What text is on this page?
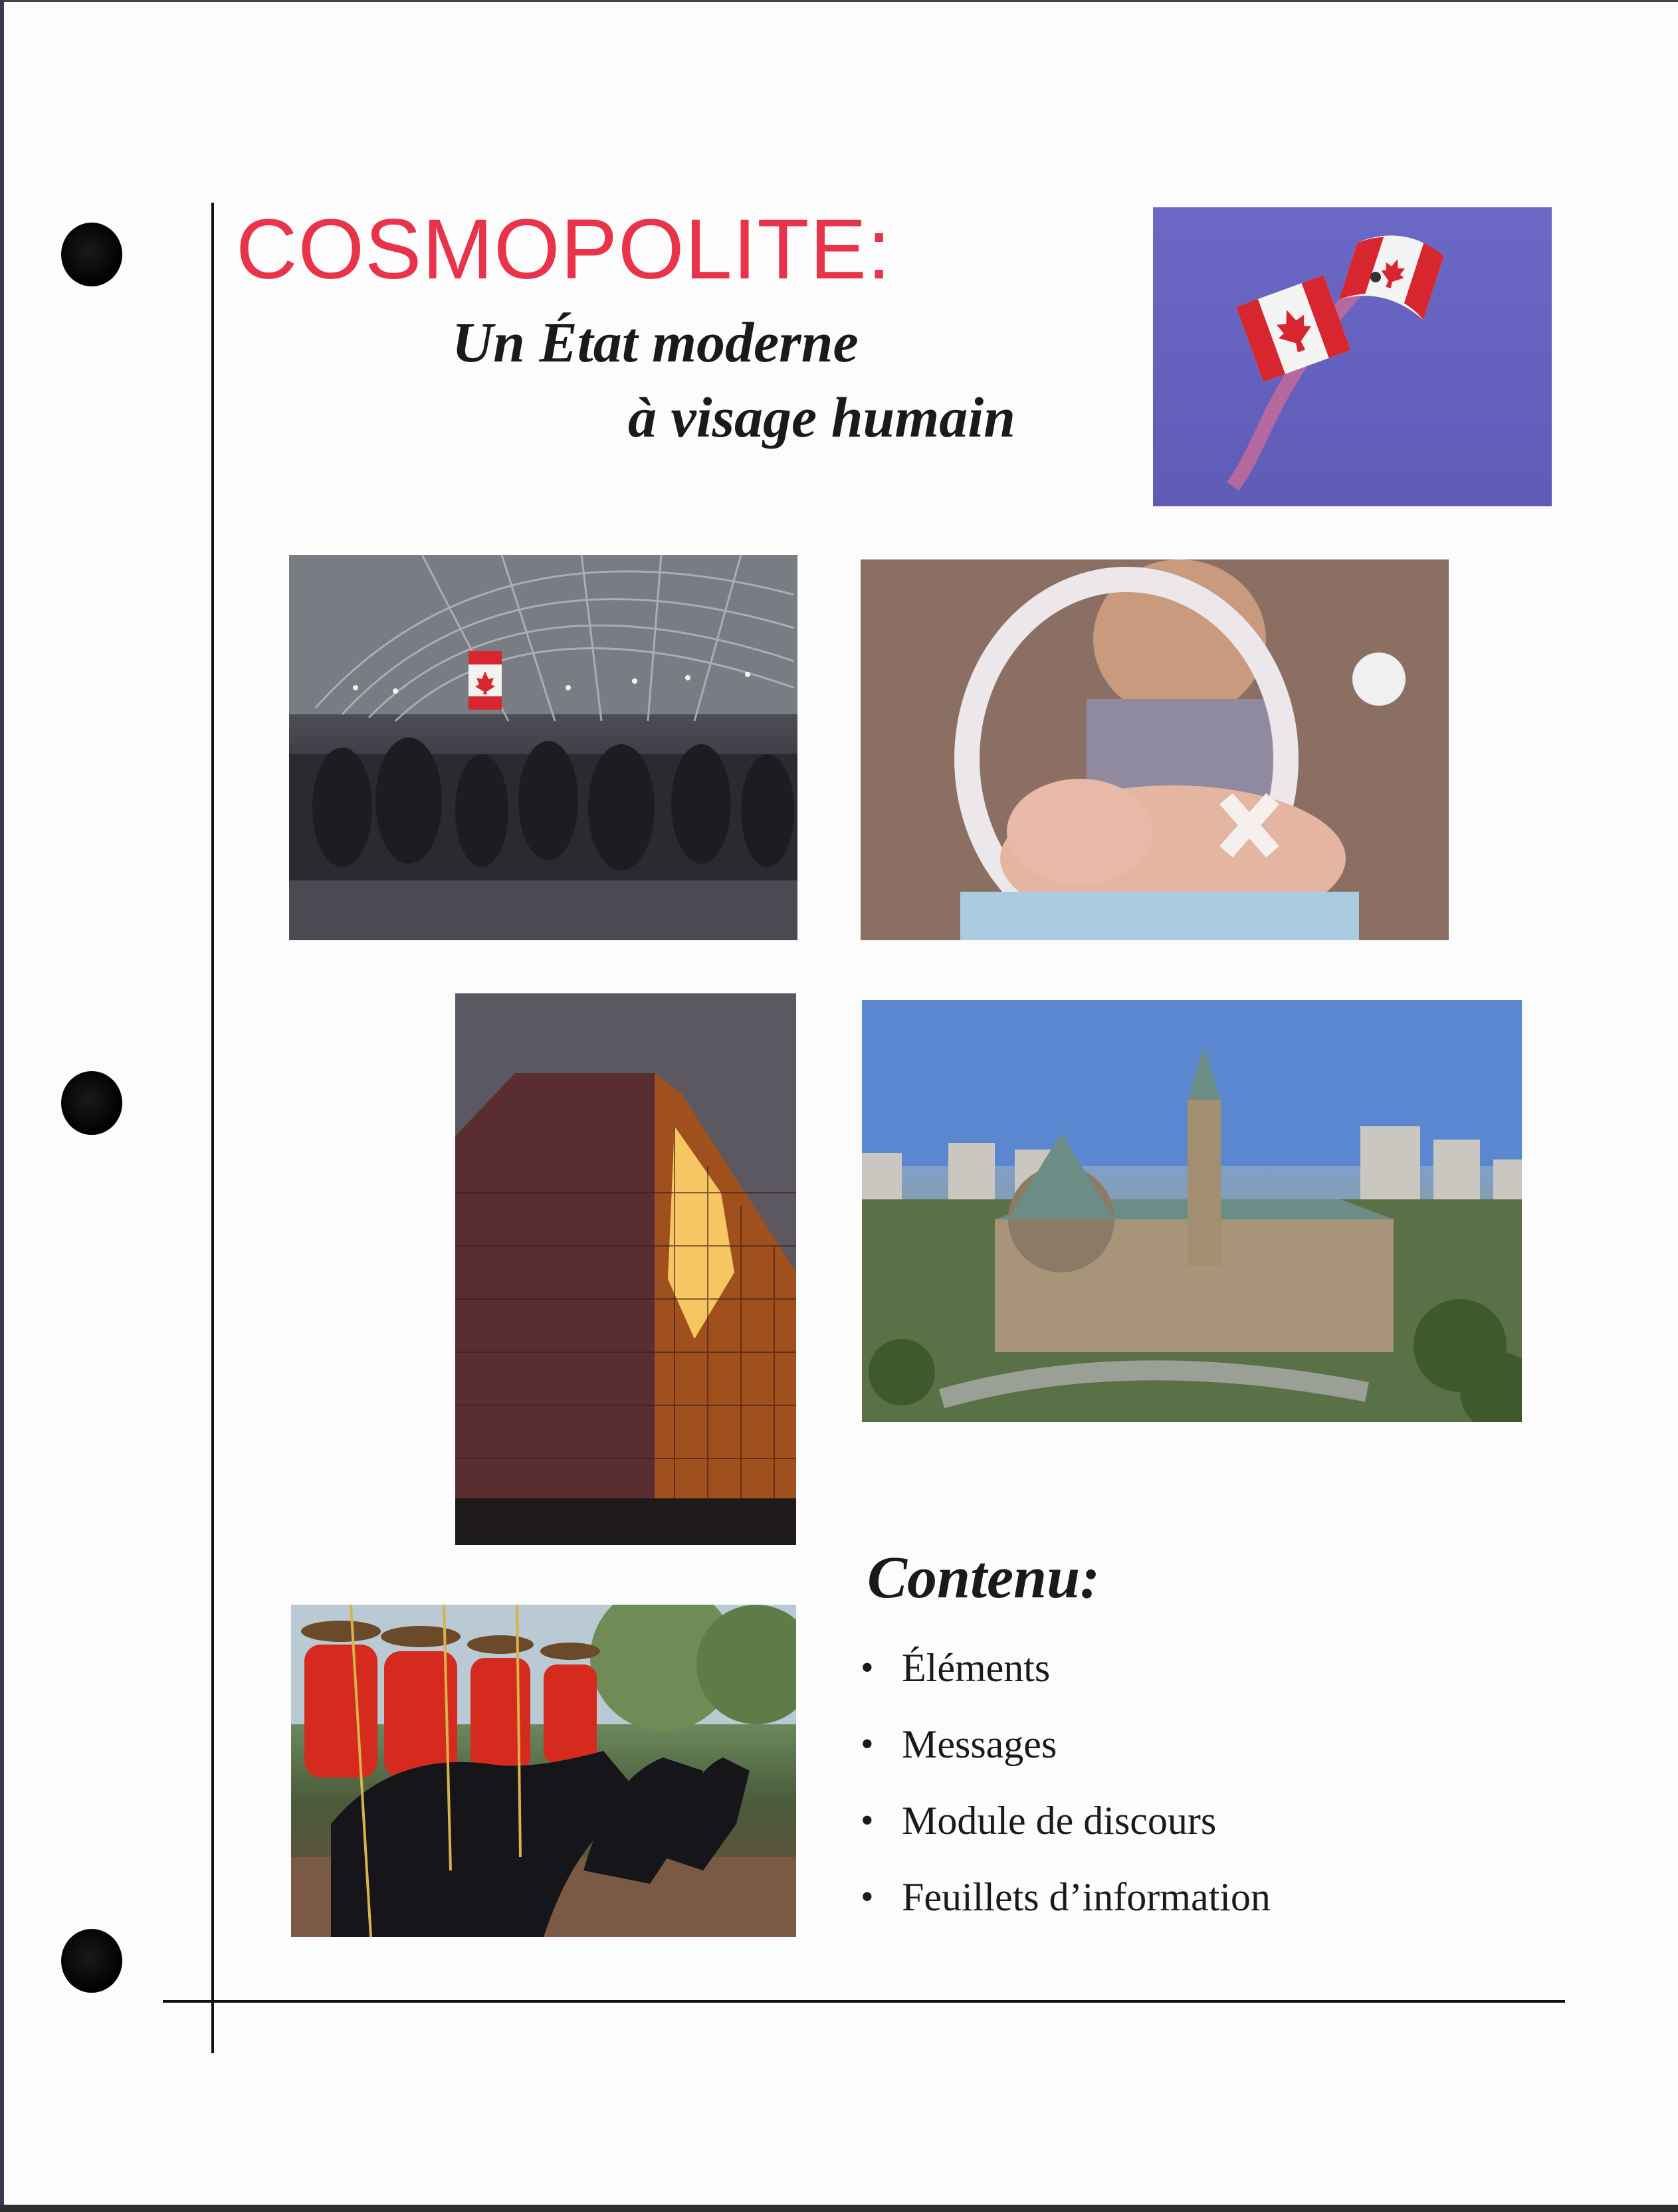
COSMOPOLITE:
Un État moderne
à visage humain
Contenu:
• Éléments
• Messages
• Module de discours
• Feuillets d’information
